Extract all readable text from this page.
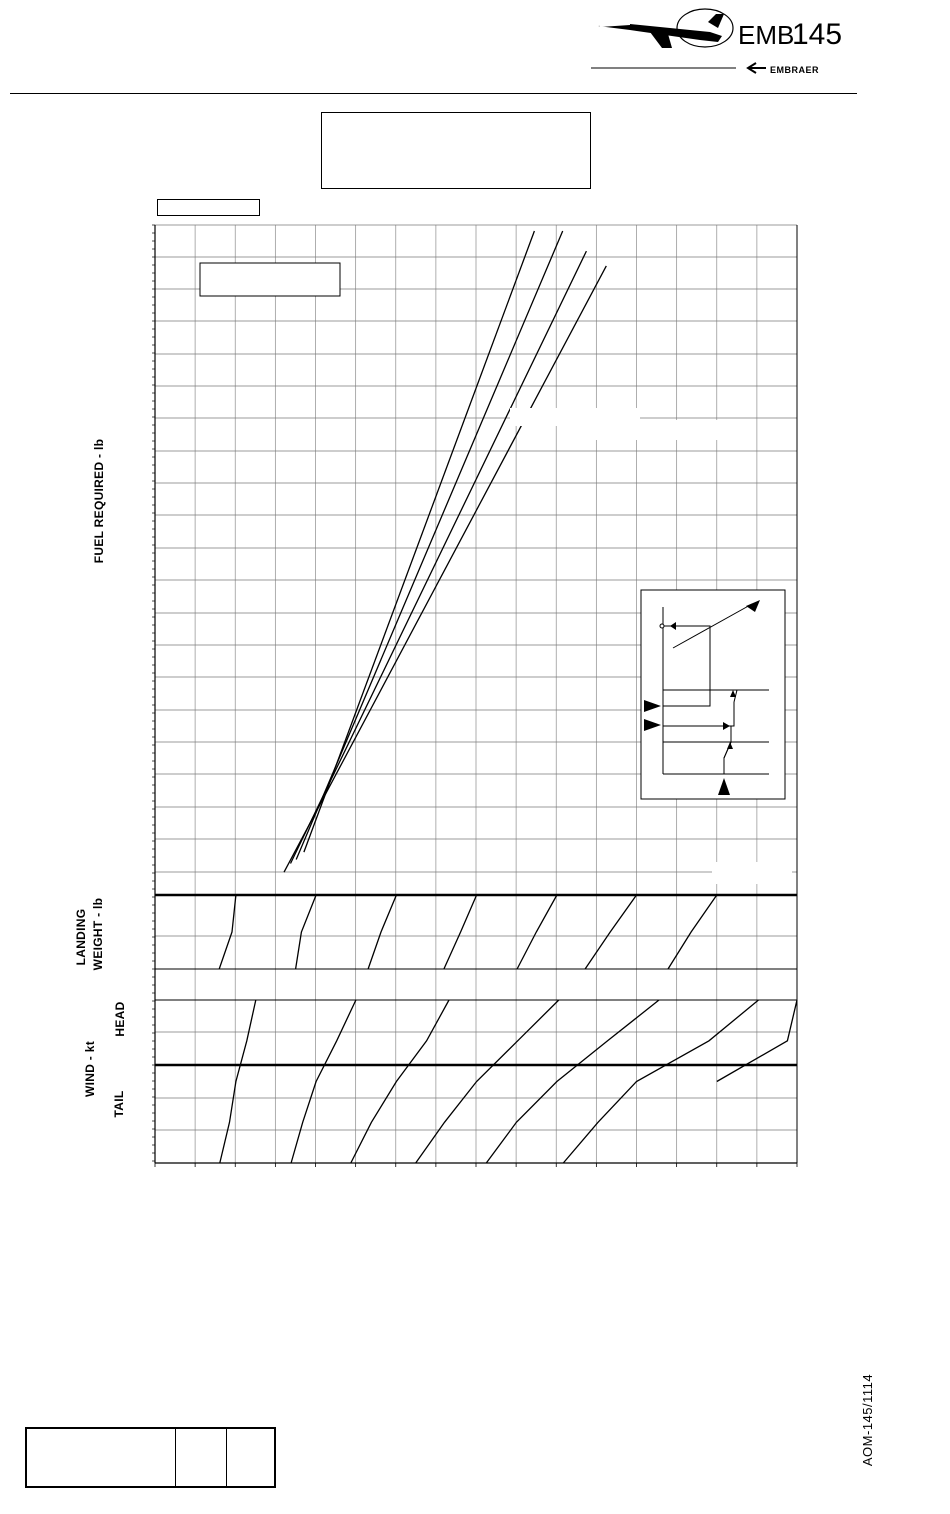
EMB
145
EMBRAER
FUEL REQUIRED - lb
LANDING WEIGHT - lb
HEAD
WIND - kt
TAIL
AOM-145/1114
